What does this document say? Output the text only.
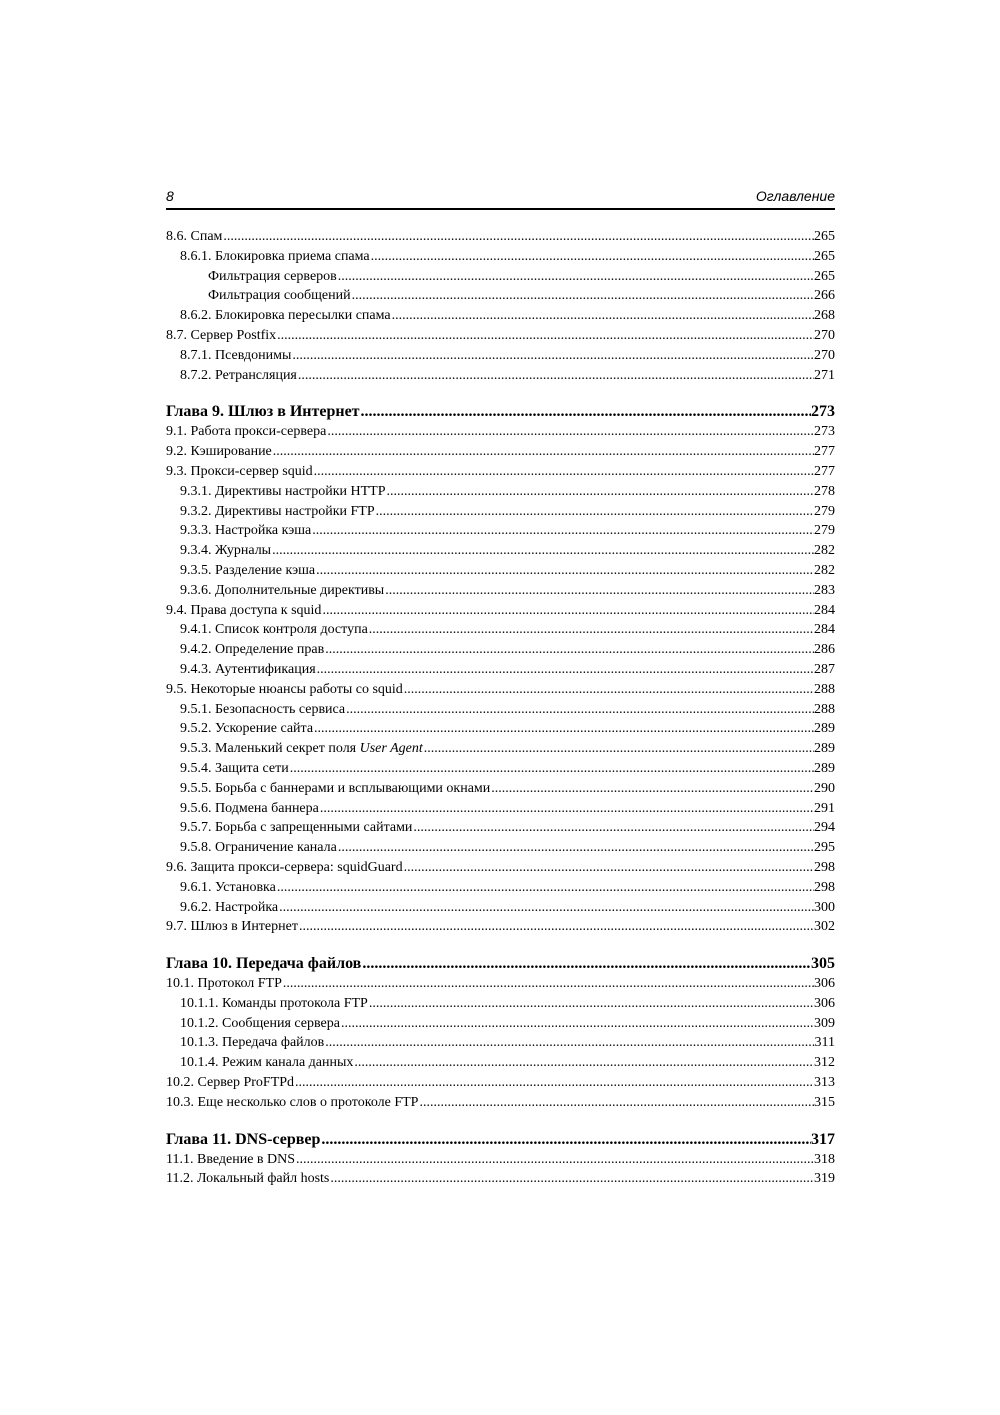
8	Оглавление
8.6. Спам .....	265
8.6.1. Блокировка приема спама .....	265
Фильтрация серверов .....	265
Фильтрация сообщений .....	266
8.6.2. Блокировка пересылки спама .....	268
8.7. Сервер Postfix .....	270
8.7.1. Псевдонимы .....	270
8.7.2. Ретрансляция .....	271
Глава 9. Шлюз в Интернет .....	273
9.1. Работа прокси-сервера .....	273
9.2. Кэширование .....	277
9.3. Прокси-сервер squid .....	277
9.3.1. Директивы настройки HTTP .....	278
9.3.2. Директивы настройки FTP .....	279
9.3.3. Настройка кэша .....	279
9.3.4. Журналы .....	282
9.3.5. Разделение кэша .....	282
9.3.6. Дополнительные директивы .....	283
9.4. Права доступа к squid .....	284
9.4.1. Список контроля доступа .....	284
9.4.2. Определение прав .....	286
9.4.3. Аутентификация .....	287
9.5. Некоторые нюансы работы со squid .....	288
9.5.1. Безопасность сервиса .....	288
9.5.2. Ускорение сайта .....	289
9.5.3. Маленький секрет поля User Agent .....	289
9.5.4. Защита сети .....	289
9.5.5. Борьба с баннерами и всплывающими окнами .....	290
9.5.6. Подмена баннера .....	291
9.5.7. Борьба с запрещенными сайтами .....	294
9.5.8. Ограничение канала .....	295
9.6. Защита прокси-сервера: squidGuard .....	298
9.6.1. Установка .....	298
9.6.2. Настройка .....	300
9.7. Шлюз в Интернет .....	302
Глава 10. Передача файлов .....	305
10.1. Протокол FTP .....	306
10.1.1. Команды протокола FTP .....	306
10.1.2. Сообщения сервера .....	309
10.1.3. Передача файлов .....	311
10.1.4. Режим канала данных .....	312
10.2. Сервер ProFTPd .....	313
10.3. Еще несколько слов о протоколе FTP .....	315
Глава 11. DNS-сервер .....	317
11.1. Введение в DNS .....	318
11.2. Локальный файл hosts .....	319
